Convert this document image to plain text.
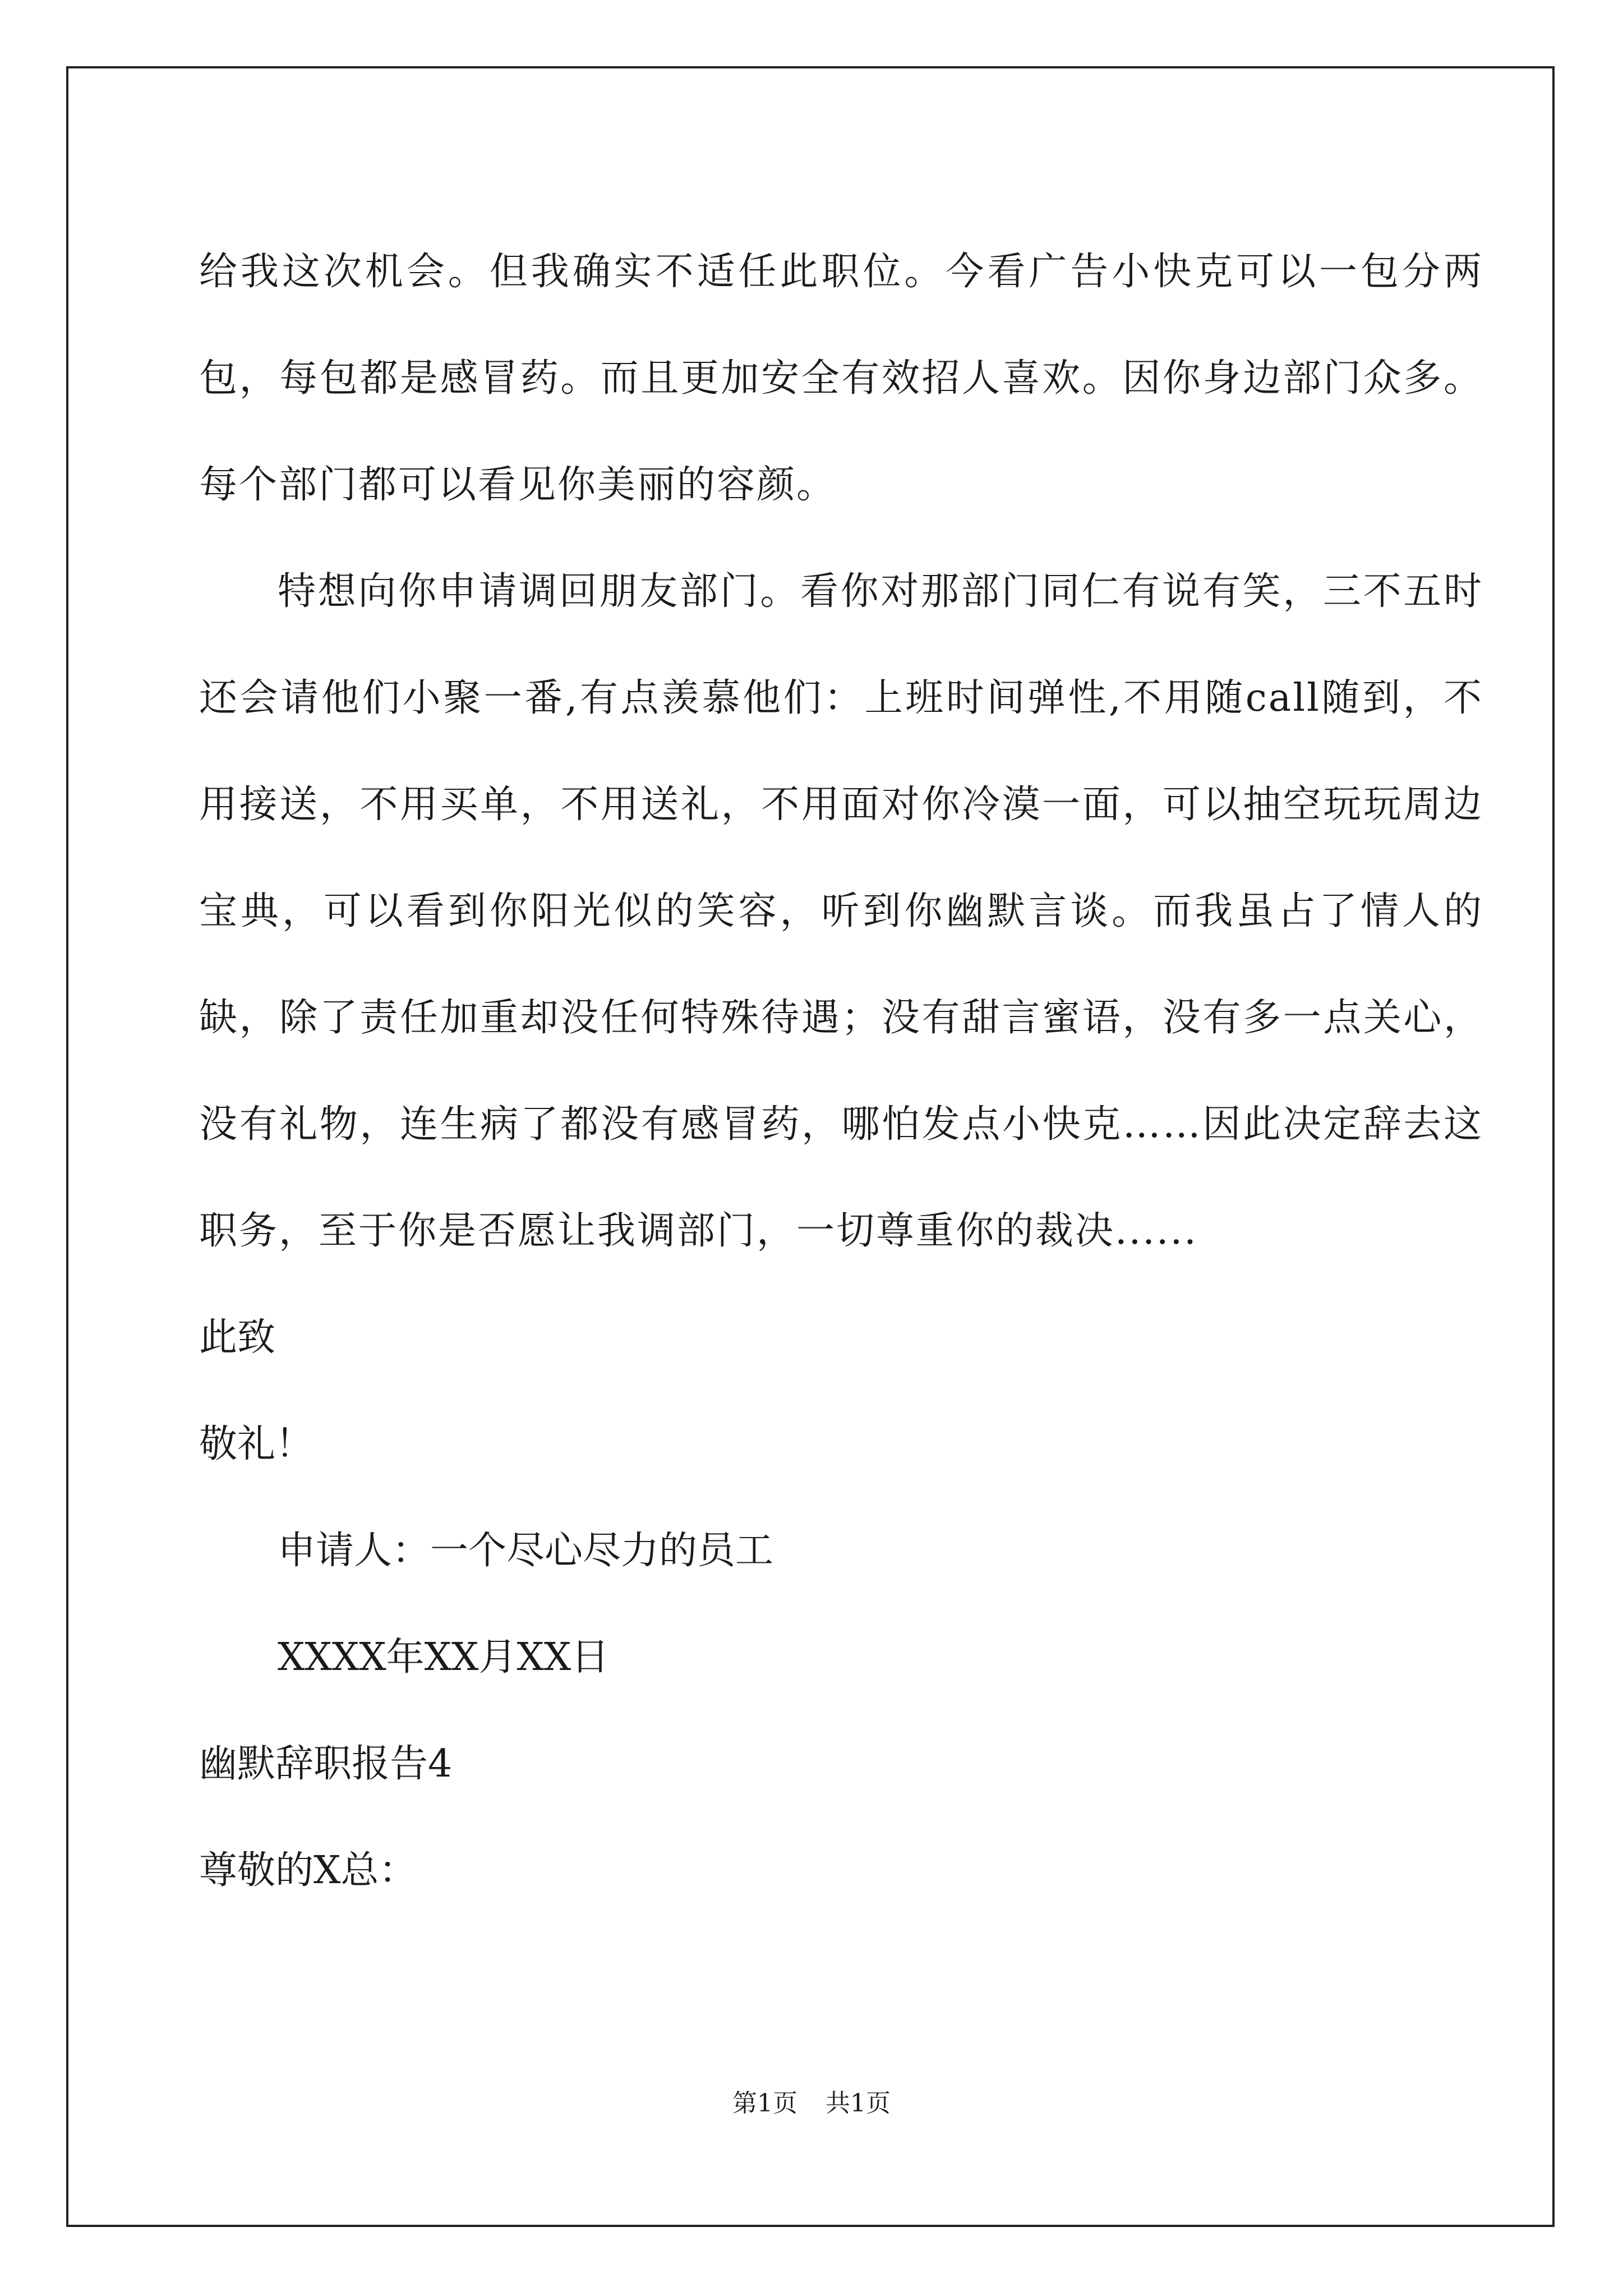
给我这次机会。但我确实不适任此职位。今看广告小快克可以一包分两包，每包都是感冒药。而且更加安全有效招人喜欢。因你身边部门众多。每个部门都可以看见你美丽的容颜。

特想向你申请调回朋友部门。看你对那部门同仁有说有笑，三不五时还会请他们小聚一番,有点羡慕他们：上班时间弹性,不用随call随到，不用接送，不用买单，不用送礼，不用面对你冷漠一面，可以抽空玩玩周边宝典，可以看到你阳光似的笑容，听到你幽默言谈。而我虽占了情人的缺，除了责任加重却没任何特殊待遇；没有甜言蜜语，没有多一点关心，没有礼物，连生病了都没有感冒药，哪怕发点小快克……因此决定辞去这职务，至于你是否愿让我调部门，一切尊重你的裁决......

此致

敬礼！

申请人：一个尽心尽力的员工

XXXX年XX月XX日

幽默辞职报告4

尊敬的X总：

第1页 共1页
